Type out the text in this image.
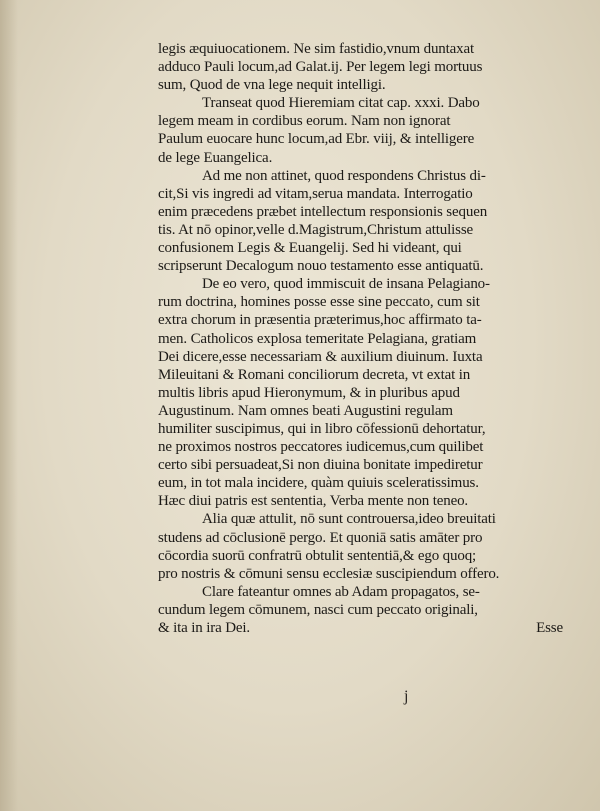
legis æquiuocationem. Ne sim fastidio,vnum duntaxat
adduco Pauli locum,ad Galat.ij. Per legem legi mortuus
sum, Quod de vna lege nequit intelligi.
Transeat quod Hieremiam citat cap. xxxi. Dabo
legem meam in cordibus eorum. Nam non ignorat
Paulum euocare hunc locum,ad Ebr. viij, & intelligere
de lege Euangelica.
Ad me non attinet, quod respondens Christus di-
cit,Si vis ingredi ad vitam,serua mandata. Interrogatio
enim præcedens præbet intellectum responsionis sequen
tis. At nō opinor,velle d.Magistrum,Christum attulisse
confusionem Legis & Euangelij. Sed hi videant, qui
scripserunt Decalogum nouo testamento esse antiquatū.
De eo vero, quod immiscuit de insana Pelagiano-
rum doctrina, homines posse esse sine peccato, cum sit
extra chorum in præsentia præterimus,hoc affirmato ta-
men. Catholicos explosa temeritate Pelagiana, gratiam
Dei dicere,esse necessariam & auxilium diuinum. Iuxta
Mileuitani & Romani conciliorum decreta, vt extat in
multis libris apud Hieronymum, & in pluribus apud
Augustinum. Nam omnes beati Augustini regulam
humiliter suscipimus, qui in libro cōfessionū dehortatur,
ne proximos nostros peccatores iudicemus,cum quilibet
certo sibi persuadeat,Si non diuina bonitate impediretur
eum, in tot mala incidere, quàm quiuis sceleratissimus.
Hæc diui patris est sententia, Verba mente non teneo.
Alia quæ attulit, nō sunt controuersa,ideo breuitati
studens ad cōclusionē pergo. Et quoniā satis amāter pro
cōcordia suorū confratrū obtulit sententiā,& ego quoq;
pro nostris & cōmuni sensu ecclesiæ suscipiendum offero.
Clare fateantur omnes ab Adam propagatos, se-
cundum legem cōmunem, nasci cum peccato originali,
& ita in ira Dei.	Esse
j
